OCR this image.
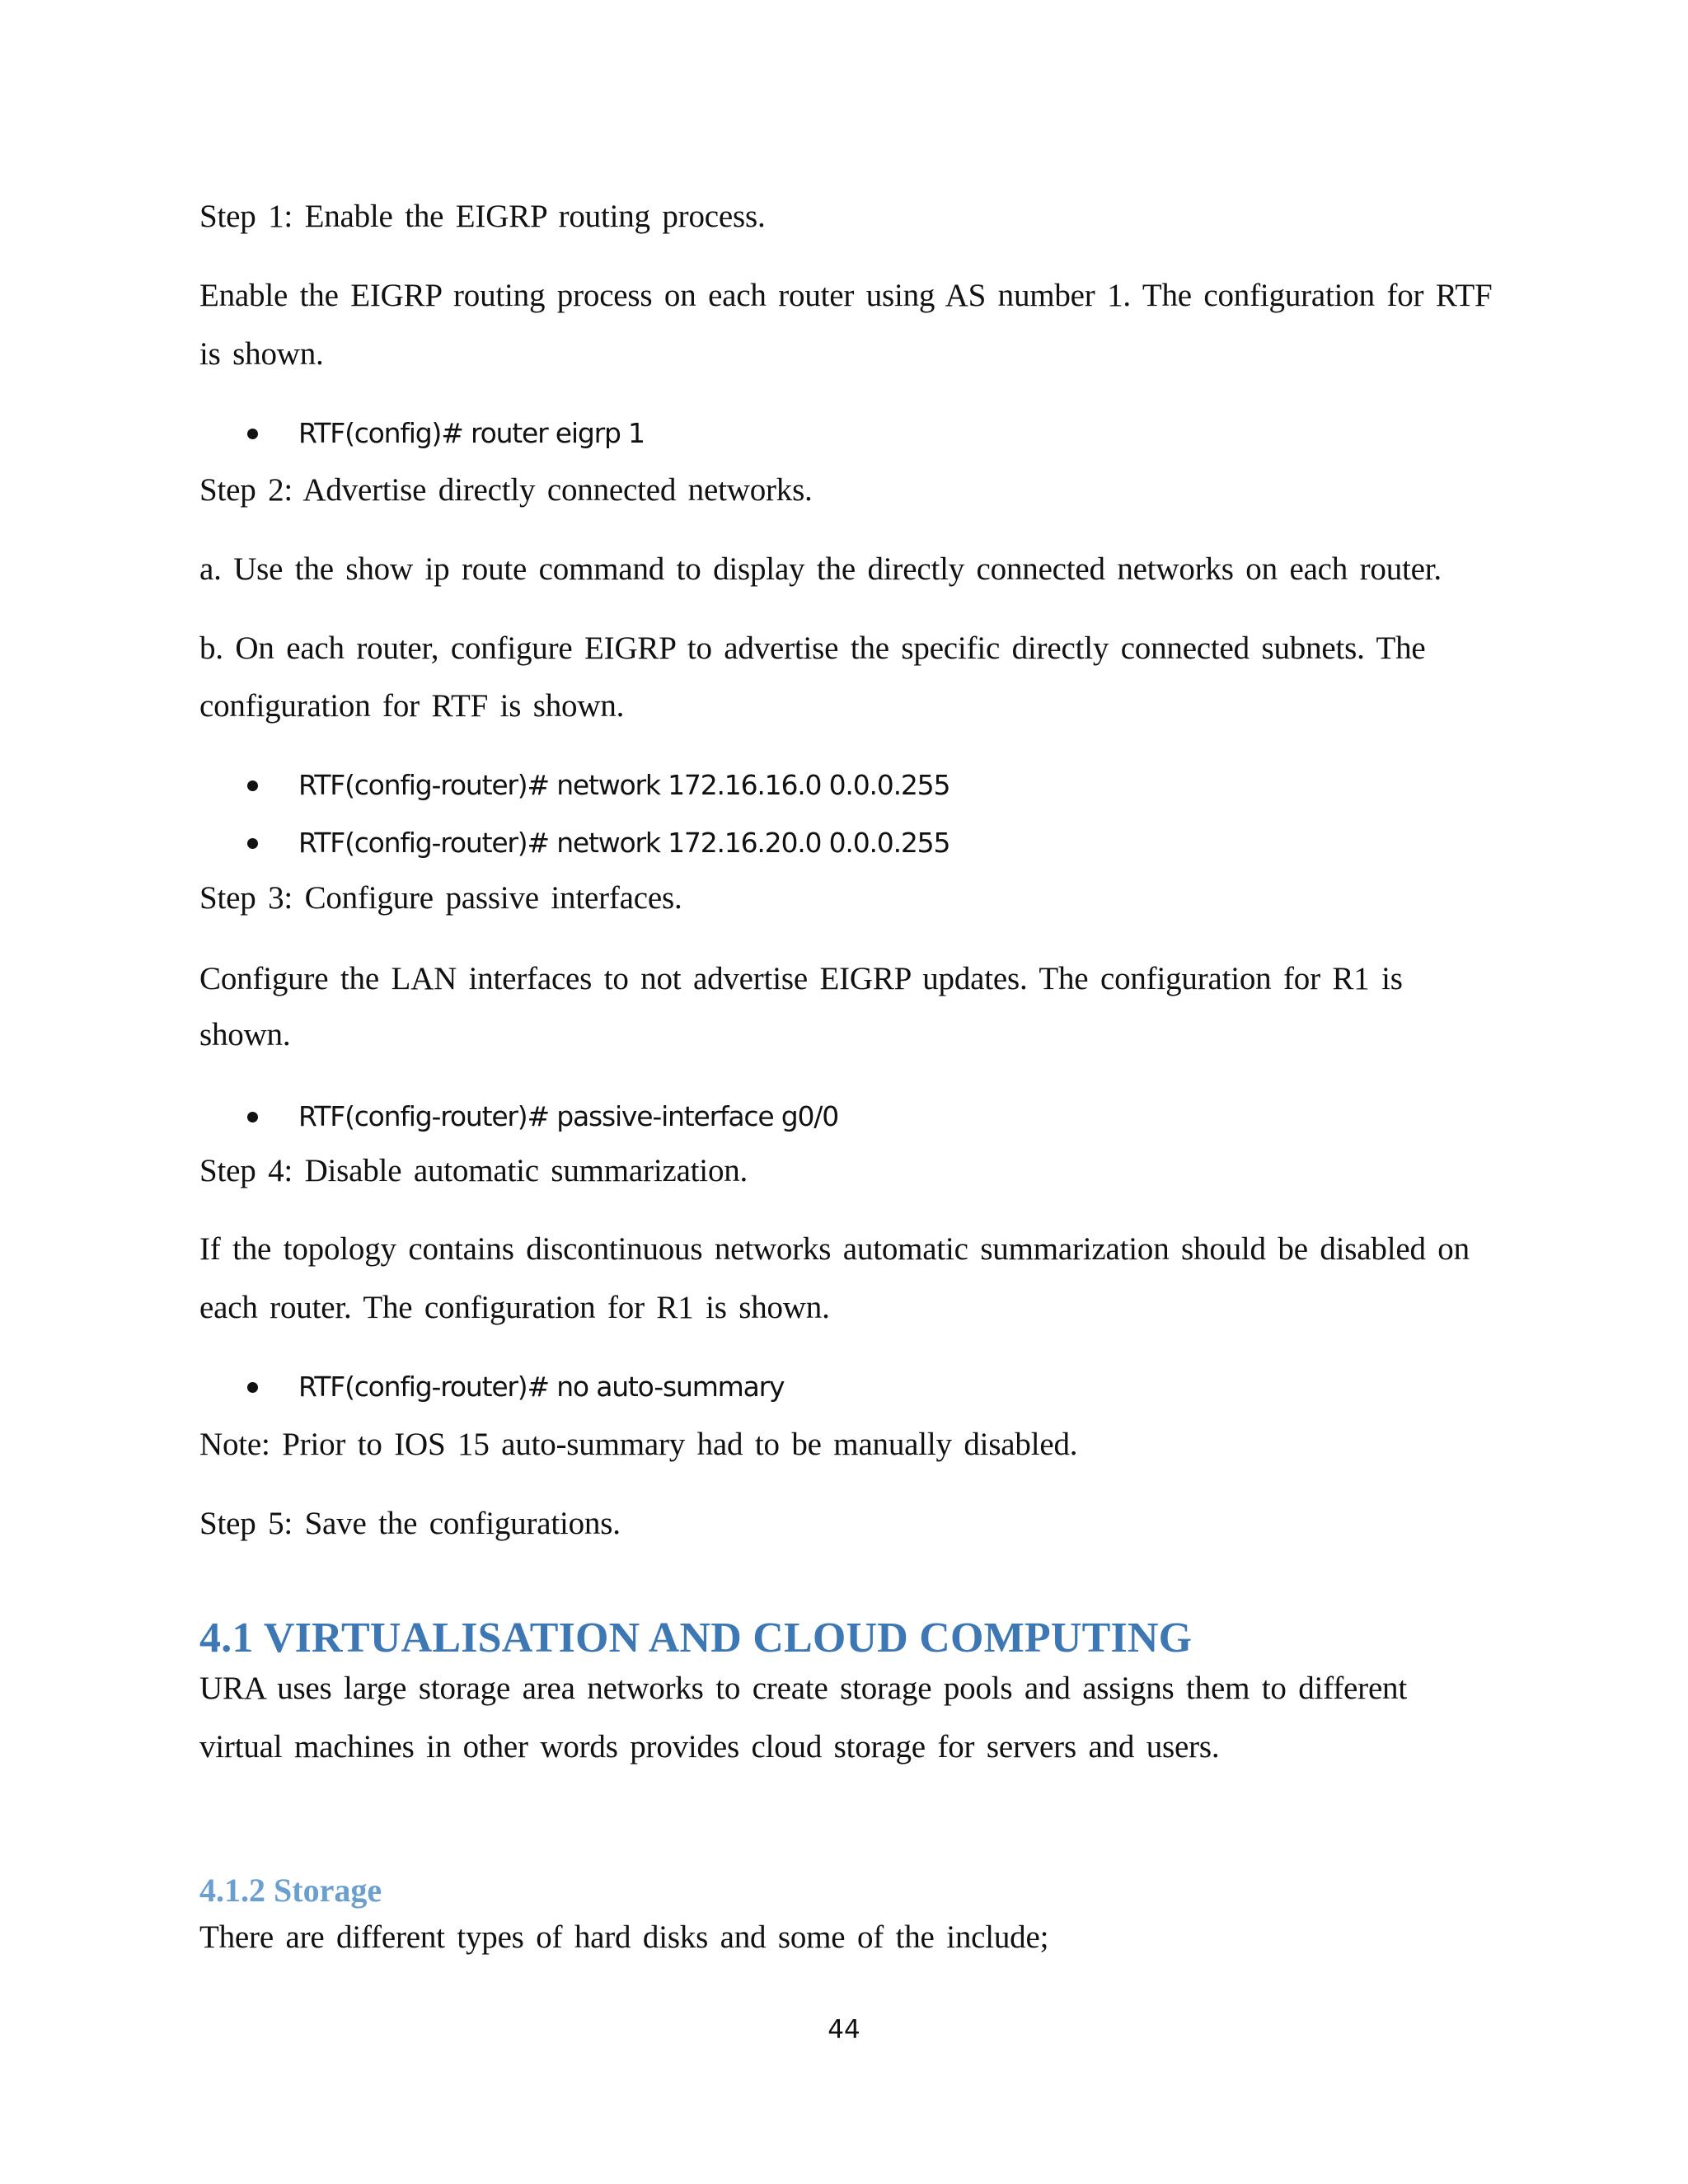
Step 1: Enable the EIGRP routing process.
Enable the EIGRP routing process on each router using AS number 1. The configuration for RTF
is shown.
RTF(config)# router eigrp 1
Step 2: Advertise directly connected networks.
a. Use the show ip route command to display the directly connected networks on each router.
b. On each router, configure EIGRP to advertise the specific directly connected subnets. The
configuration for RTF is shown.
RTF(config-router)# network 172.16.16.0 0.0.0.255
RTF(config-router)# network 172.16.20.0 0.0.0.255
Step 3: Configure passive interfaces.
Configure the LAN interfaces to not advertise EIGRP updates. The configuration for R1 is
shown.
RTF(config-router)# passive-interface g0/0
Step 4: Disable automatic summarization.
If the topology contains discontinuous networks automatic summarization should be disabled on
each router. The configuration for R1 is shown.
RTF(config-router)# no auto-summary
Note: Prior to IOS 15 auto-summary had to be manually disabled.
Step 5: Save the configurations.
4.1 VIRTUALISATION AND CLOUD COMPUTING
URA uses large storage area networks to create storage pools and assigns them to different
virtual machines in other words provides cloud storage for servers and users.
4.1.2 Storage
There are different types of hard disks and some of the include;
44
